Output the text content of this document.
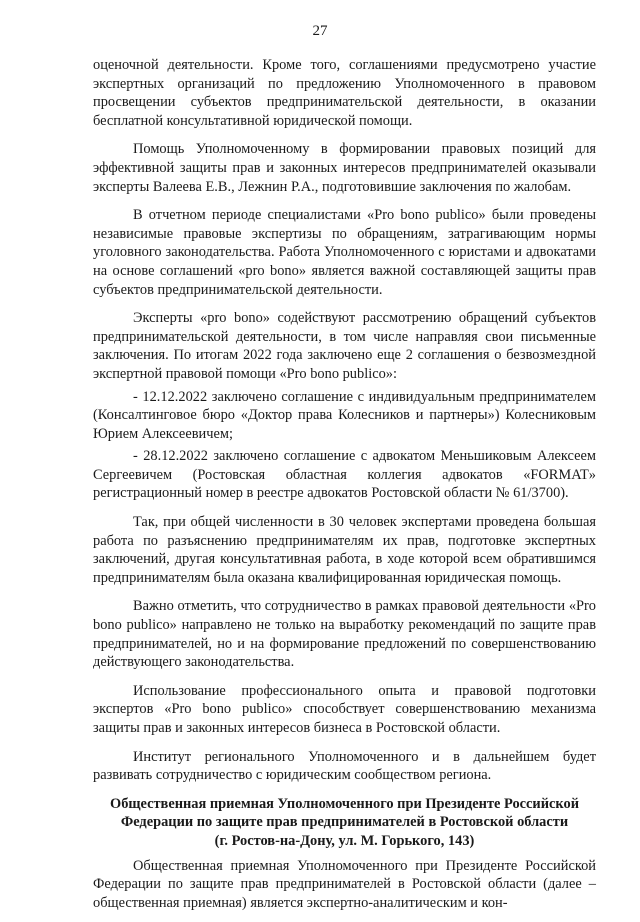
27

оценочной деятельности. Кроме того, соглашениями предусмотрено участие экспертных организаций по предложению Уполномоченного в правовом просвещении субъектов предпринимательской деятельности, в оказании бесплатной консультативной юридической помощи.

Помощь Уполномоченному в формировании правовых позиций для эффективной защиты прав и законных интересов предпринимателей оказывали эксперты Валеева Е.В., Лежнин Р.А., подготовившие заключения по жалобам.

В отчетном периоде специалистами «Pro bono publico» были проведены независимые правовые экспертизы по обращениям, затрагивающим нормы уголовного законодательства. Работа Уполномоченного с юристами и адвокатами на основе соглашений «pro bono» является важной составляющей защиты прав субъектов предпринимательской деятельности.

Эксперты «pro bono» содействуют рассмотрению обращений субъектов предпринимательской деятельности, в том числе направляя свои письменные заключения. По итогам 2022 года заключено еще 2 соглашения о безвозмездной экспертной правовой помощи «Pro bono publico»:

- 12.12.2022 заключено соглашение с индивидуальным предпринимателем (Консалтинговое бюро «Доктор права Колесников и партнеры») Колесниковым Юрием Алексеевичем;

- 28.12.2022 заключено соглашение с адвокатом Меньшиковым Алексеем Сергеевичем (Ростовская областная коллегия адвокатов «FORMAT» регистрационный номер в реестре адвокатов Ростовской области № 61/3700).

Так, при общей численности в 30 человек экспертами проведена большая работа по разъяснению предпринимателям их прав, подготовке экспертных заключений, другая консультативная работа, в ходе которой всем обратившимся предпринимателям была оказана квалифицированная юридическая помощь.

Важно отметить, что сотрудничество в рамках правовой деятельности «Pro bono publico» направлено не только на выработку рекомендаций по защите прав предпринимателей, но и на формирование предложений по совершенствованию действующего законодательства.

Использование профессионального опыта и правовой подготовки экспертов «Pro bono publico» способствует совершенствованию механизма защиты прав и законных интересов бизнеса в Ростовской области.

Институт регионального Уполномоченного и в дальнейшем будет развивать сотрудничество с юридическим сообществом региона.

Общественная приемная Уполномоченного при Президенте Российской
Федерации по защите прав предпринимателей в Ростовской области
(г. Ростов-на-Дону, ул. М. Горького, 143)

Общественная приемная Уполномоченного при Президенте Российской Федерации по защите прав предпринимателей в Ростовской области (далее – общественная приемная) является экспертно-аналитическим и кон-
